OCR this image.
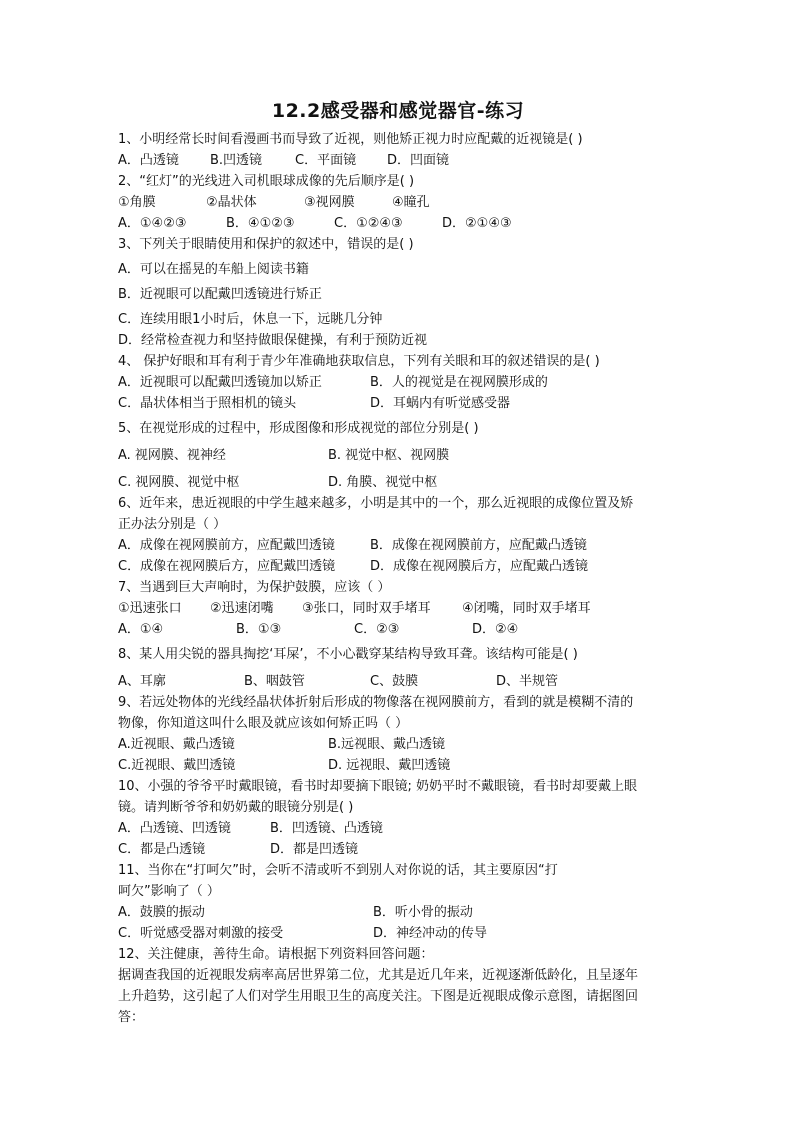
12.2感受器和感觉器官-练习
1、小明经常长时间看漫画书而导致了近视，则他矫正视力时应配戴的近视镜是( )
A．凸透镜	B.凹透镜	C．平面镜	D．凹面镜
2、“红灯”的光线进入司机眼球成像的先后顺序是( )
①角膜	②晶状体	③视网膜	④瞳孔
A．①④②③	B．④①②③	C．①②④③	D．②①④③
3、下列关于眼睛使用和保护的叙述中，错误的是( )
A．可以在摇晃的车船上阅读书籍
B．近视眼可以配戴凹透镜进行矫正
C．连续用眼1小时后，休息一下，远眺几分钟
D．经常检查视力和坚持做眼保健操，有利于预防近视
4、 保护好眼和耳有利于青少年准确地获取信息，下列有关眼和耳的叙述错误的是( )
A．近视眼可以配戴凹透镜加以矫正	B．人的视觉是在视网膜形成的
C．晶状体相当于照相机的镜头	D．耳蜗内有听觉感受器
5、在视觉形成的过程中，形成图像和形成视觉的部位分别是( )
A. 视网膜、视神经	B. 视觉中枢、视网膜
C. 视网膜、视觉中枢	D. 角膜、视觉中枢
6、近年来，患近视眼的中学生越来越多，小明是其中的一个，那么近视眼的成像位置及矫
正办法分别是（ ）
A．成像在视网膜前方，应配戴凹透镜	B．成像在视网膜前方，应配戴凸透镜
C．成像在视网膜后方，应配戴凹透镜	D．成像在视网膜后方，应配戴凸透镜
7、当遇到巨大声响时，为保护鼓膜，应该（ ）
①迅速张口	②迅速闭嘴	③张口，同时双手堵耳	④闭嘴，同时双手堵耳
A．①④	B．①③	C．②③	D．②④
8、某人用尖锐的器具掏挖‘耳屎’，不小心戳穿某结构导致耳聋。该结构可能是( )
A、耳廓	B、咽鼓管	C、鼓膜	D、半规管
9、若远处物体的光线经晶状体折射后形成的物像落在视网膜前方，看到的就是模糊不清的
物像，你知道这叫什么眼及就应该如何矫正吗（ ）
A.近视眼、戴凸透镜	B.远视眼、戴凸透镜
C.近视眼、戴凹透镜	D. 远视眼、戴凹透镜
10、小强的爷爷平时戴眼镜，看书时却要摘下眼镜; 奶奶平时不戴眼镜，看书时却要戴上眼
镜。请判断爷爷和奶奶戴的眼镜分别是( )
A．凸透镜、凹透镜	B．凹透镜、凸透镜
C．都是凸透镜	D．都是凹透镜
11、当你在“打呵欠”时，会听不清或听不到别人对你说的话，其主要原因“打
呵欠”影响了（ ）
A．鼓膜的振动	B．听小骨的振动
C．听觉感受器对刺激的接受	D．神经冲动的传导
12、关注健康，善待生命。请根据下列资料回答问题：
据调查我国的近视眼发病率高居世界第二位，尤其是近几年来，近视逐渐低龄化，且呈逐年
上升趋势，这引起了人们对学生用眼卫生的高度关注。下图是近视眼成像示意图，请据图回
答：
